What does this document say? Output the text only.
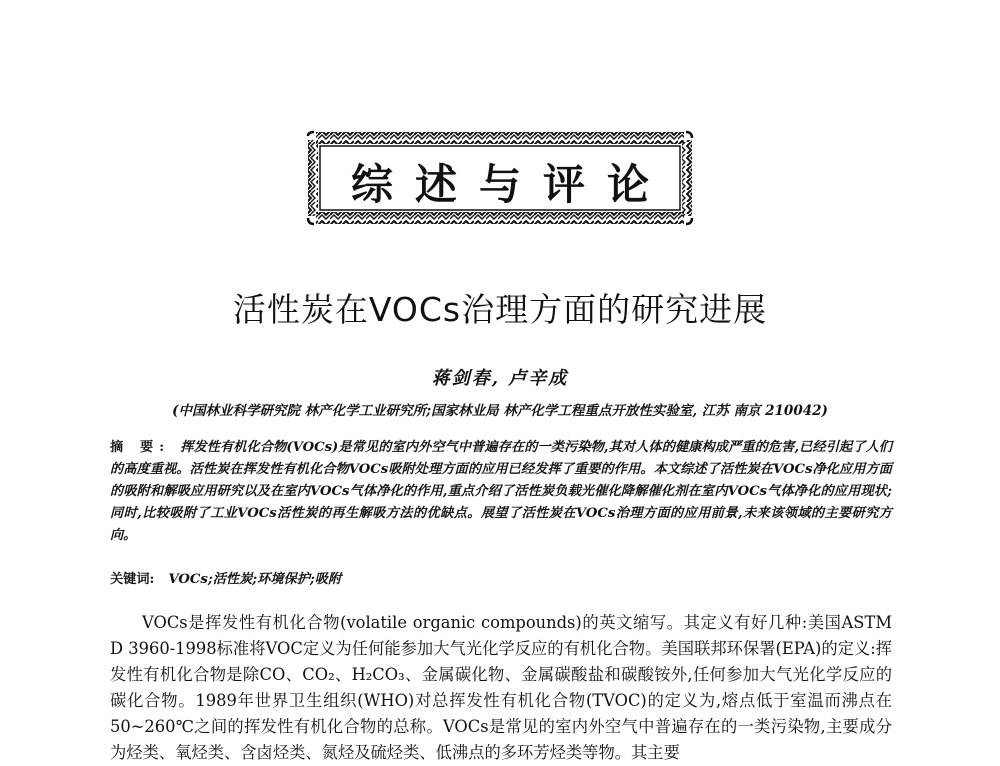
综述与评论
活性炭在VOCs治理方面的研究进展
蒋剑春, 卢辛成
(中国林业科学研究院 林产化学工业研究所;国家林业局 林产化学工程重点开放性实验室, 江苏 南京 210042)
摘 要: 挥发性有机化合物(VOCs)是常见的室内外空气中普遍存在的一类污染物,其对人体的健康构成严重的危害,已经引起了人们的高度重视。活性炭在挥发性有机化合物VOCs吸附处理方面的应用已经发挥了重要的作用。本文综述了活性炭在VOCs净化应用方面的吸附和解吸应用研究以及在室内VOCs气体净化的作用,重点介绍了活性炭负载光催化降解催化剂在室内VOCs气体净化的应用现状;同时,比较吸附了工业VOCs活性炭的再生解吸方法的优缺点。展望了活性炭在VOCs治理方面的应用前景,未来该领域的主要研究方向。
关键词: VOCs;活性炭;环境保护;吸附

VOCs是挥发性有机化合物(volatile organic compounds)的英文缩写。其定义有好几种:美国ASTM D 3960-1998标准将VOC定义为任何能参加大气光化学反应的有机化合物。美国联邦环保署(EPA)的定义:挥发性有机化合物是除CO、CO₂、H₂CO₃、金属碳化物、金属碳酸盐和碳酸铵外,任何参加大气光化学反应的碳化合物。1989年世界卫生组织(WHO)对总挥发性有机化合物(TVOC)的定义为,熔点低于室温而沸点在50~260℃之间的挥发性有机化合物的总称。VOCs是常见的室内外空气中普遍存在的一类污染物,主要成分为烃类、氧烃类、含卤烃类、氮烃及硫烃类、低沸点的多环芳烃类等物。其主要
